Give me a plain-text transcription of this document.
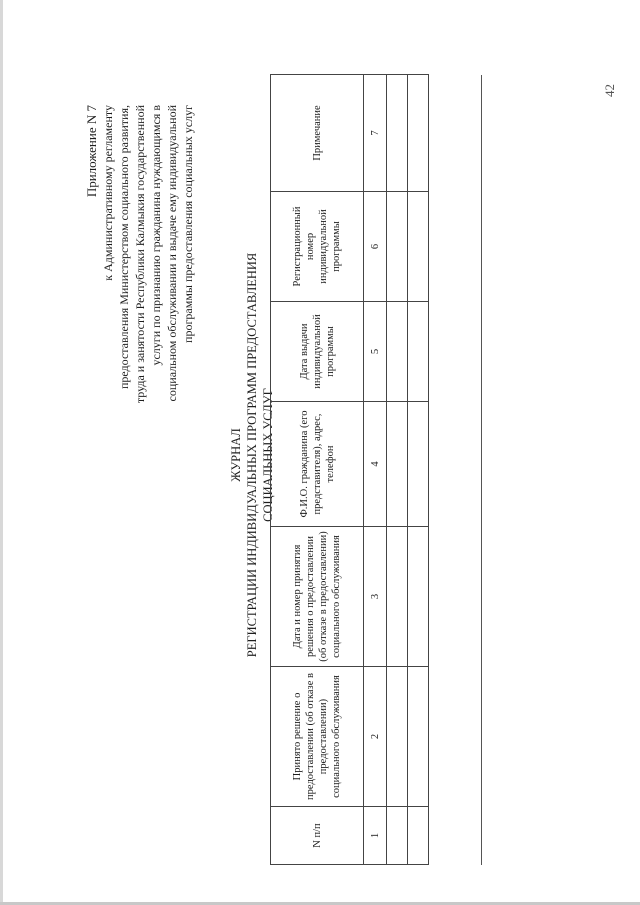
42
Приложение N 7 к Административному регламенту предоставления Министерством социального развития, труда и занятости Республики Калмыкия государственной услуги по признанию гражданина нуждающимся в социальном обслуживании и выдаче ему индивидуальной программы предоставления социальных услуг
ЖУРНАЛ РЕГИСТРАЦИИ ИНДИВИДУАЛЬНЫХ ПРОГРАММ ПРЕДОСТАВЛЕНИЯ СОЦИАЛЬНЫХ УСЛУГ
N п/п	Принято решение о предоставлении (об отказе в предоставлении) социального обслуживания	Дата и номер принятия решения о предоставлении (об отказе в предоставлении) социального обслуживания	Ф.И.О. гражданина (его представителя), адрес, телефон	Дата выдачи индивидуальной программы	Регистрационный номер индивидуальной программы	Примечание
1	2	3	4	5	6	7
